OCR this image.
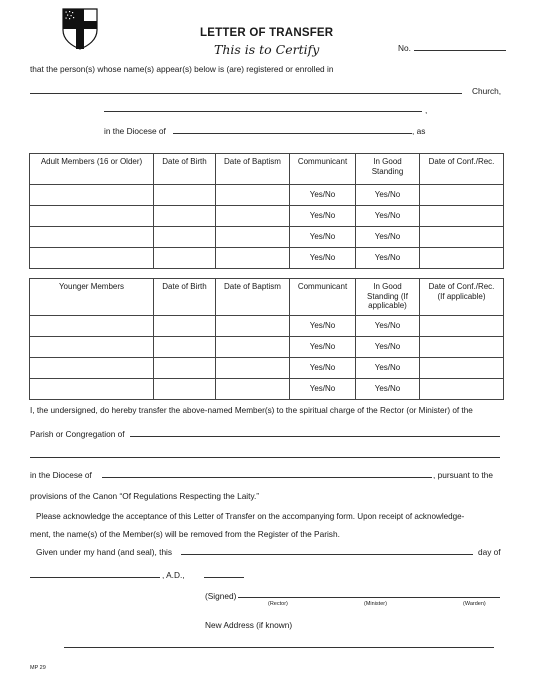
LETTER OF TRANSFER
This is to Certify	No.
that the person(s) whose name(s) appear(s) below is (are) registered or enrolled in
Church,
,
in the Diocese of	, as
Adult Members (16 or Older)	Date of Birth	Date of Baptism	Communicant	In Good Standing	Date of Conf./Rec.
			Yes/No	Yes/No	
			Yes/No	Yes/No	
			Yes/No	Yes/No	
			Yes/No	Yes/No	
Younger Members	Date of Birth	Date of Baptism	Communicant	In Good Standing (If applicable)	Date of Conf./Rec. (If applicable)
			Yes/No	Yes/No	
			Yes/No	Yes/No	
			Yes/No	Yes/No	
			Yes/No	Yes/No	
I, the undersigned, do hereby transfer the above-named Member(s) to the spiritual charge of the Rector (or Minister) of the
Parish or Congregation of
in the Diocese of	, pursuant to the
provisions of the Canon “Of Regulations Respecting the Laity.”
Please acknowledge the acceptance of this Letter of Transfer on the accompanying form. Upon receipt of acknowledge-
ment, the name(s) of the Member(s) will be removed from the Register of the Parish.
Given under my hand (and seal), this	day of
, A.D.,
(Signed)
(Rector)	(Minister)	(Warden)
New Address (if known)
MP 29
